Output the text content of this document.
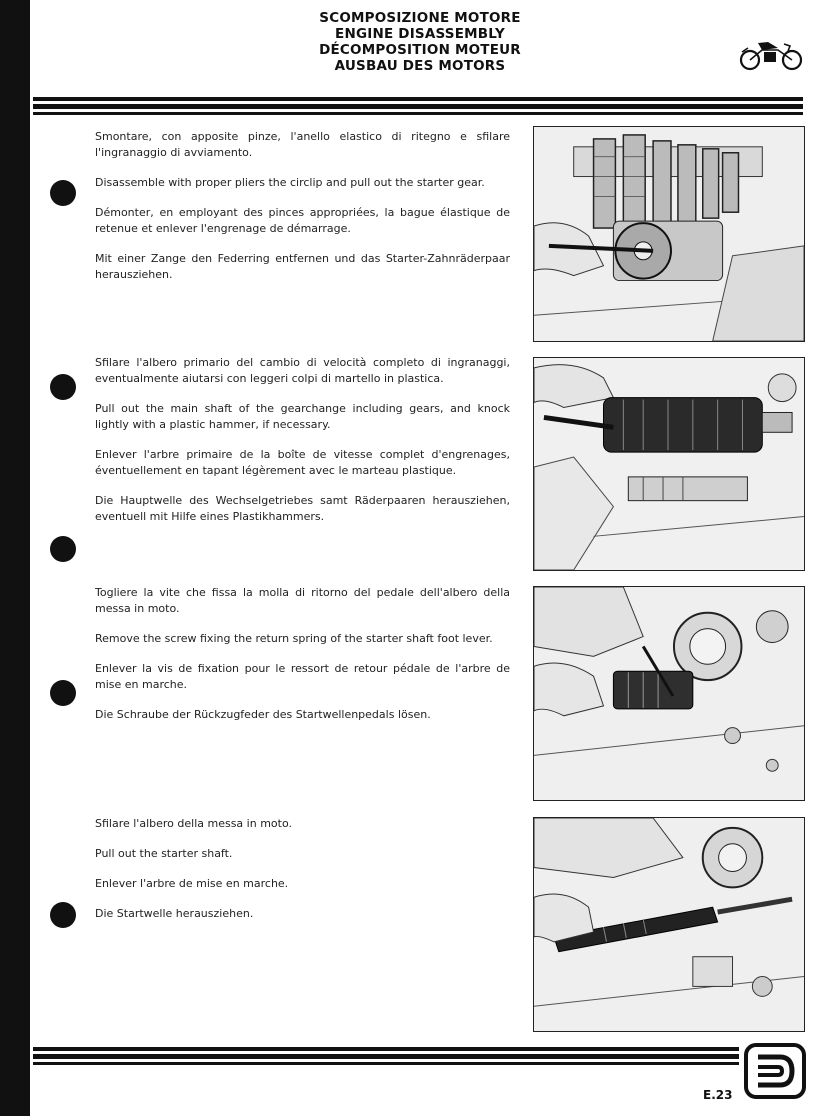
SCOMPOSIZIONE MOTORE
ENGINE DISASSEMBLY
DÉCOMPOSITION MOTEUR
AUSBAU DES MOTORS

Smontare, con apposite pinze, l'anello elastico di ritegno e sfilare l'ingranaggio di avviamento.

Disassemble with proper pliers the circlip and pull out the starter gear.

Démonter, en employant des pinces appropriées, la bague élastique de retenue et enlever l'engrenage de démarrage.

Mit einer Zange den Federring entfernen und das Starter-Zahnräderpaar herausziehen.

Sfilare l'albero primario del cambio di velocità completo di ingranaggi, eventualmente aiutarsi con leggeri colpi di martello in plastica.

Pull out the main shaft of the gearchange including gears, and knock lightly with a plastic hammer, if necessary.

Enlever l'arbre primaire de la boîte de vitesse complet d'engrenages, éventuellement en tapant légèrement avec le marteau plastique.

Die Hauptwelle des Wechselgetriebes samt Räderpaaren herausziehen, eventuell mit Hilfe eines Plastikhammers.

Togliere la vite che fissa la molla di ritorno del pedale dell'albero della messa in moto.

Remove the screw fixing the return spring of the starter shaft foot lever.

Enlever la vis de fixation pour le ressort de retour pédale de l'arbre de mise en marche.

Die Schraube der Rückzugfeder des Startwellenpedals lösen.

Sfilare l'albero della messa in moto.

Pull out the starter shaft.

Enlever l'arbre de mise en marche.

Die Startwelle herausziehen.

E.23
